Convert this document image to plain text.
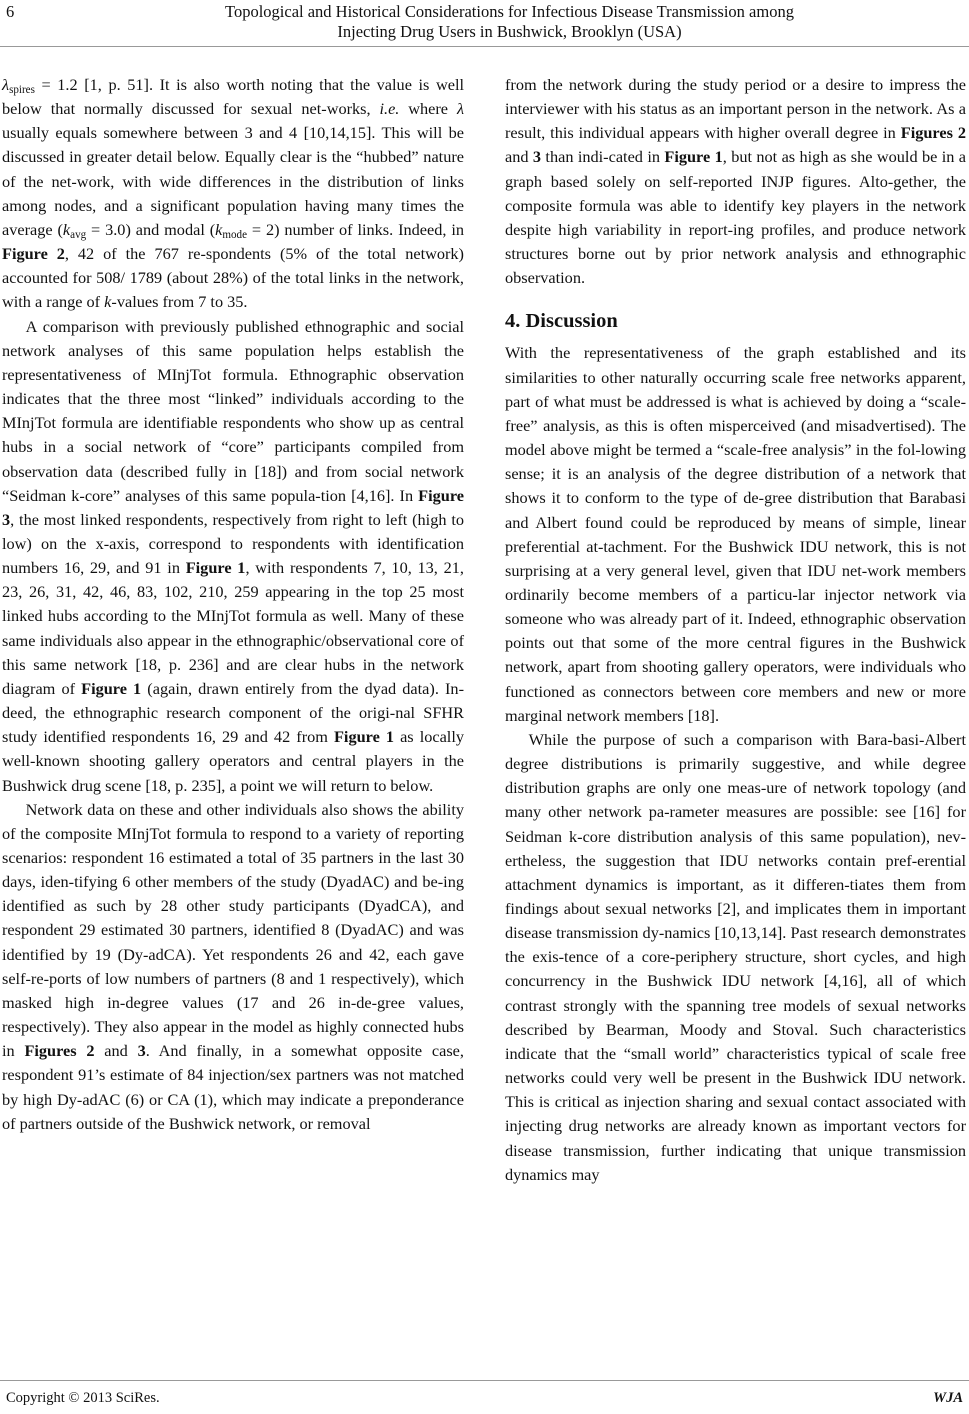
6	Topological and Historical Considerations for Infectious Disease Transmission among
Injecting Drug Users in Bushwick, Brooklyn (USA)

$\lambda_{spires} = 1.2$ [1, p. 51]. It is also worth noting that the value is well below that normally discussed for sexual net-works, i.e. where λ usually equals somewhere between 3 and 4 [10,14,15]. This will be discussed in greater detail below. Equally clear is the “hubbed” nature of the net-work, with wide differences in the distribution of links among nodes, and a significant population having many times the average $(k_{avg} = 3.0)$ and modal $(k_{mode} = 2)$ number of links. Indeed, in Figure 2, 42 of the 767 re-spondents (5% of the total network) accounted for 508/ 1789 (about 28%) of the total links in the network, with a range of k-values from 7 to 35.

A comparison with previously published ethnographic and social network analyses of this same population helps establish the representativeness of MInjTot formula. Ethnographic observation indicates that the three most “linked” individuals according to the MInjTot formula are identifiable respondents who show up as central hubs in a social network of “core” participants compiled from observation data (described fully in [18]) and from social network “Seidman k-core” analyses of this same popula-tion [4,16]. In Figure 3, the most linked respondents, respectively from right to left (high to low) on the x-axis, correspond to respondents with identification numbers 16, 29, and 91 in Figure 1, with respondents 7, 10, 13, 21, 23, 26, 31, 42, 46, 83, 102, 210, 259 appearing in the top 25 most linked hubs according to the MInjTot formula as well. Many of these same individuals also appear in the ethnographic/observational core of this same network [18, p. 236] and are clear hubs in the network diagram of Figure 1 (again, drawn entirely from the dyad data). In-deed, the ethnographic research component of the origi-nal SFHR study identified respondents 16, 29 and 42 from Figure 1 as locally well-known shooting gallery operators and central players in the Bushwick drug scene [18, p. 235], a point we will return to below.

Network data on these and other individuals also shows the ability of the composite MInjTot formula to respond to a variety of reporting scenarios: respondent 16 estimated a total of 35 partners in the last 30 days, iden-tifying 6 other members of the study (DyadAC) and be-ing identified as such by 28 other study participants (DyadCA), and respondent 29 estimated 30 partners, identified 8 (DyadAC) and was identified by 19 (Dy-adCA). Yet respondents 26 and 42, each gave self-re-ports of low numbers of partners (8 and 1 respectively), which masked high in-degree values (17 and 26 in-de-gree values, respectively). They also appear in the model as highly connected hubs in Figures 2 and 3. And finally, in a somewhat opposite case, respondent 91’s estimate of 84 injection/sex partners was not matched by high Dy-adAC (6) or CA (1), which may indicate a preponderance of partners outside of the Bushwick network, or removal

from the network during the study period or a desire to impress the interviewer with his status as an important person in the network. As a result, this individual appears with higher overall degree in Figures 2 and 3 than indi-cated in Figure 1, but not as high as she would be in a graph based solely on self-reported INJP figures. Alto-gether, the composite formula was able to identify key players in the network despite high variability in report-ing profiles, and produce network structures borne out by prior network analysis and ethnographic observation.

4. Discussion

With the representativeness of the graph established and its similarities to other naturally occurring scale free networks apparent, part of what must be addressed is what is achieved by doing a “scale-free” analysis, as this is often misperceived (and misadvertised). The model above might be termed a “scale-free analysis” in the fol-lowing sense; it is an analysis of the degree distribution of a network that shows it to conform to the type of de-gree distribution that Barabasi and Albert found could be reproduced by means of simple, linear preferential at-tachment. For the Bushwick IDU network, this is not surprising at a very general level, given that IDU net-work members ordinarily become members of a particu-lar injector network via someone who was already part of it. Indeed, ethnographic observation points out that some of the more central figures in the Bushwick network, apart from shooting gallery operators, were individuals who functioned as connectors between core members and new or more marginal network members [18].

While the purpose of such a comparison with Bara-basi-Albert degree distributions is primarily suggestive, and while degree distribution graphs are only one meas-ure of network topology (and many other network pa-rameter measures are possible: see [16] for Seidman k-core distribution analysis of this same population), nev-ertheless, the suggestion that IDU networks contain pref-erential attachment dynamics is important, as it differen-tiates them from findings about sexual networks [2], and implicates them in important disease transmission dy-namics [10,13,14]. Past research demonstrates the exis-tence of a core-periphery structure, short cycles, and high concurrency in the Bushwick IDU network [4,16], all of which contrast strongly with the spanning tree models of sexual networks described by Bearman, Moody and Stoval. Such characteristics indicate that the “small world” characteristics typical of scale free networks could very well be present in the Bushwick IDU network. This is critical as injection sharing and sexual contact associated with injecting drug networks are already known as important vectors for disease transmission, further indicating that unique transmission dynamics may

Copyright © 2013 SciRes.	WJA
